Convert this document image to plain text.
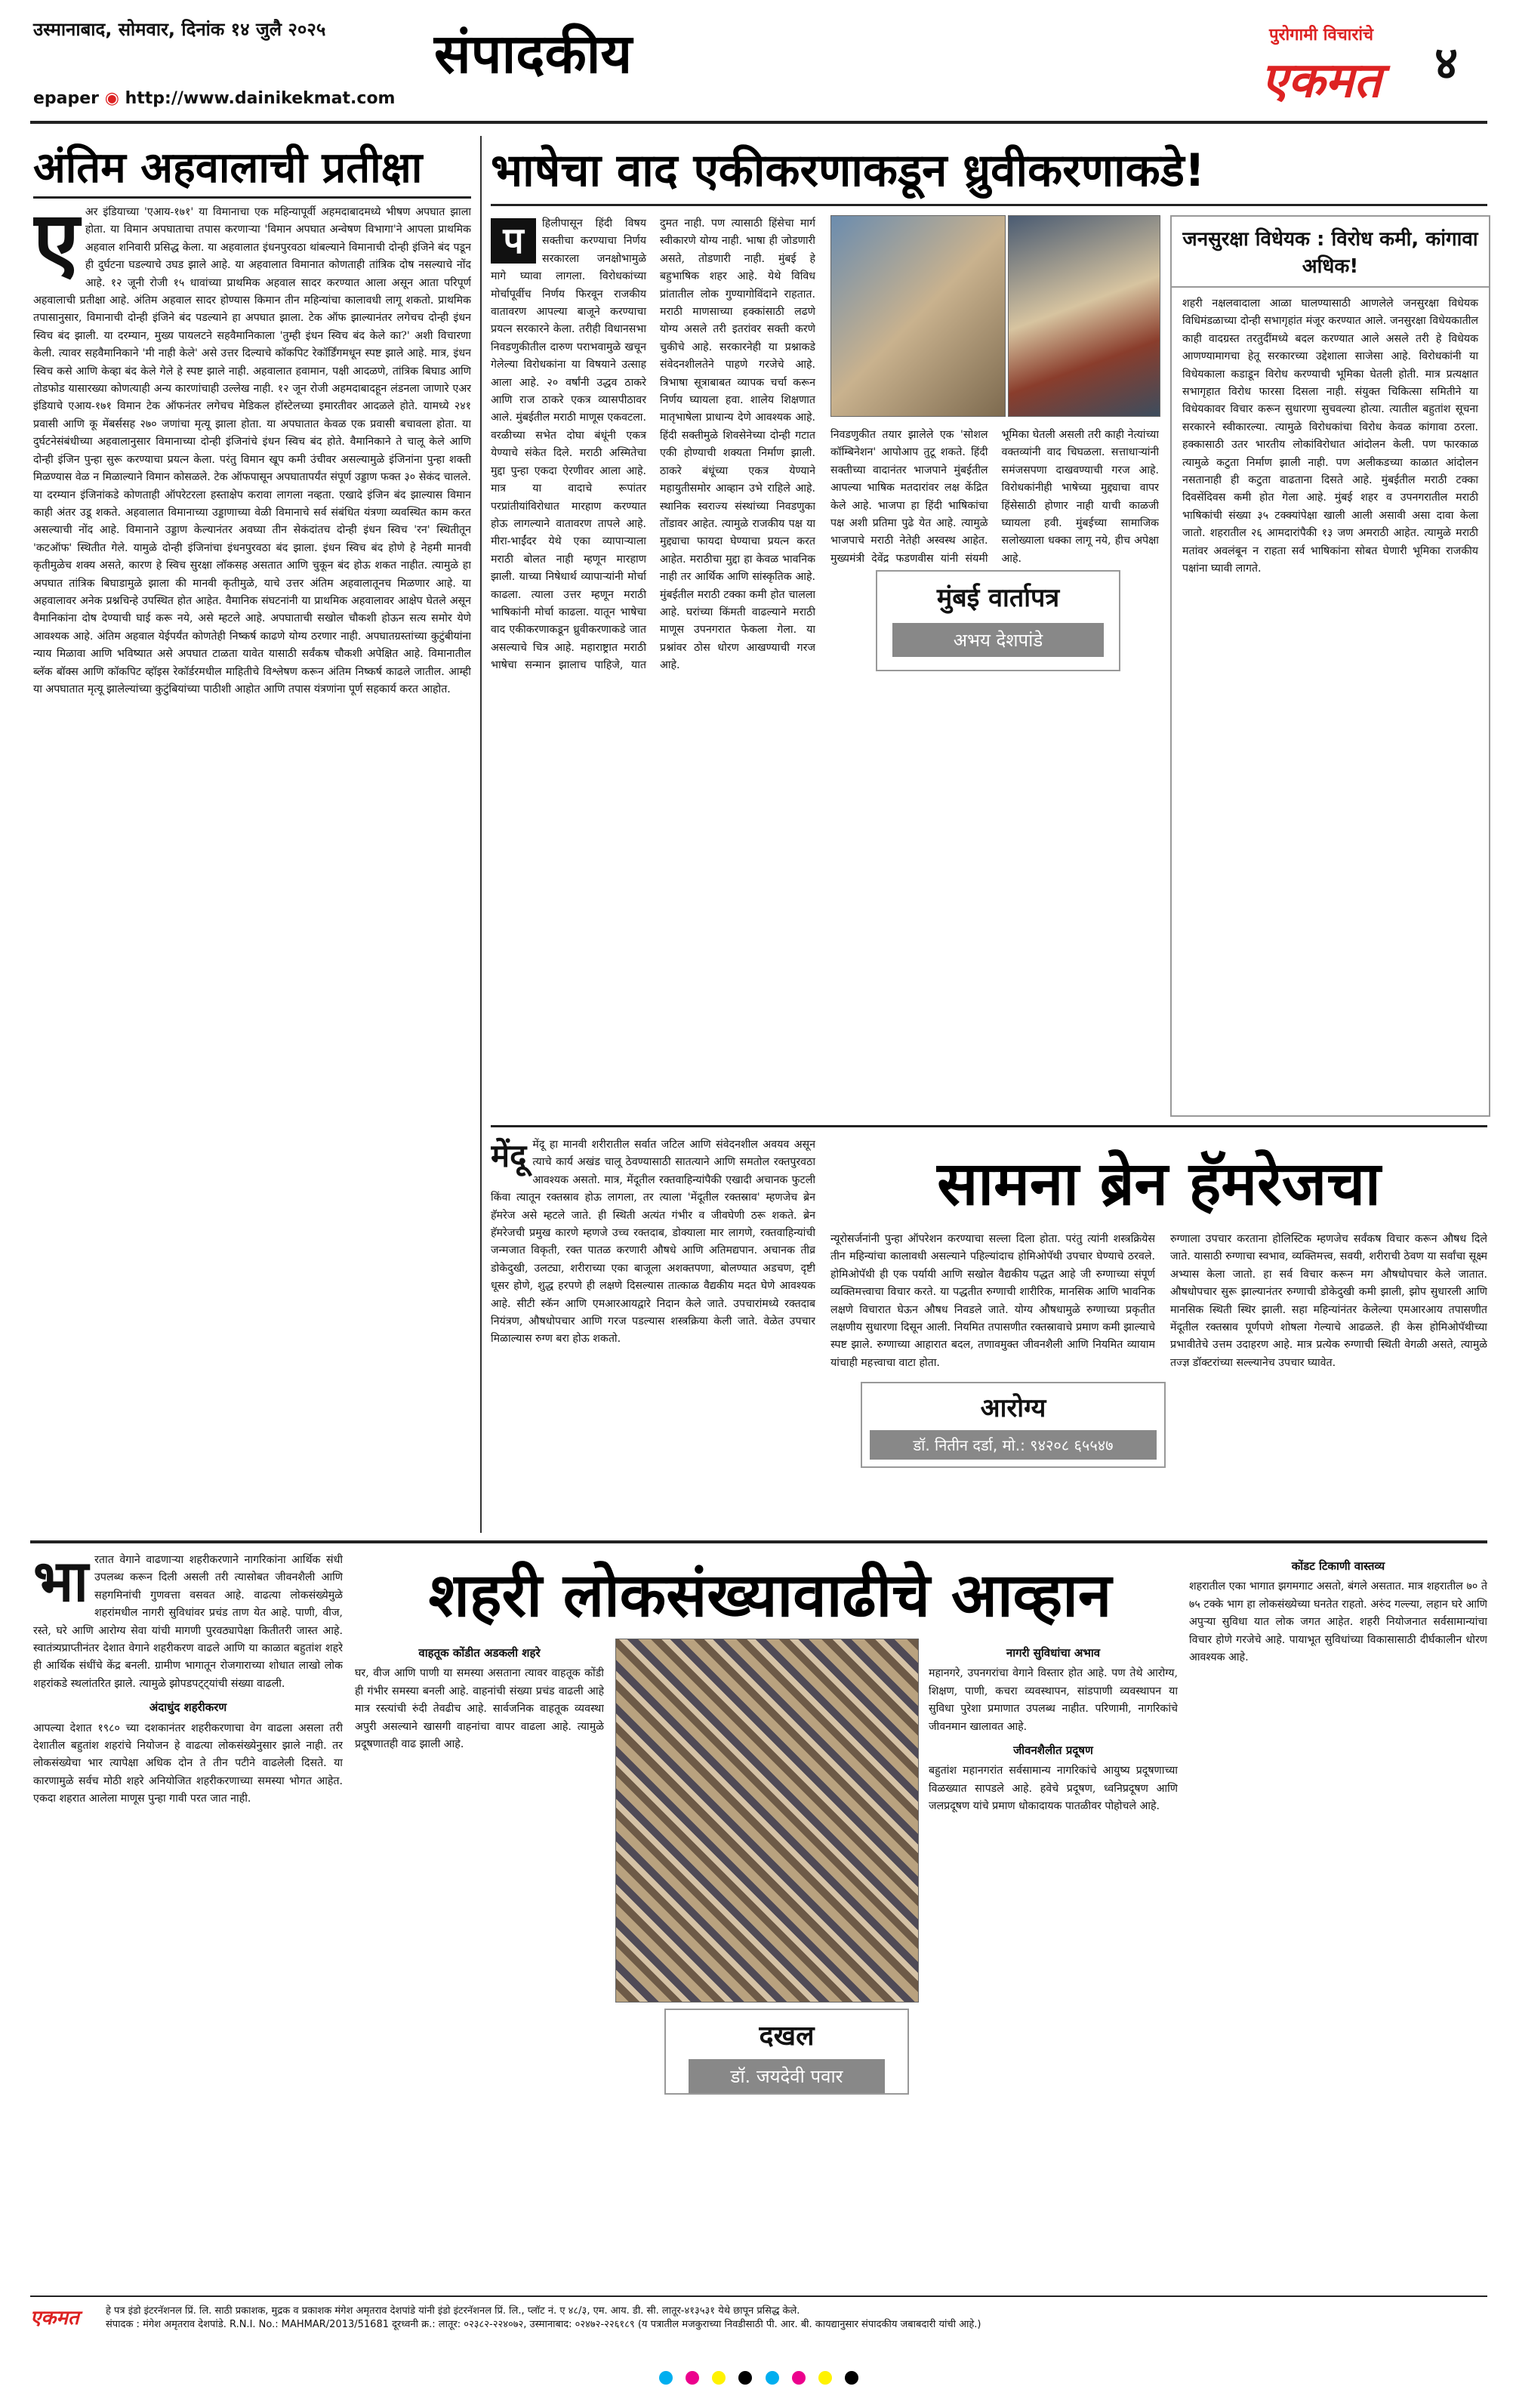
उस्मानाबाद, सोमवार, दिनांक १४ जुलै २०२५
epaper ◉ http://www.dainikekmat.com
संपादकीय	पुरोगामी विचारांचे
एकमत	४
अंतिम अहवालाची प्रतीक्षा
ए अर इंडियाच्या 'एआय-१७१' या विमानाचा एक महिन्यापूर्वी अहमदाबादमध्ये भीषण अपघात झाला होता. या विमान अपघाताचा तपास करणाऱ्या 'विमान अपघात अन्वेषण विभागा'ने आपला प्राथमिक अहवाल शनिवारी प्रसिद्ध केला. या अहवालात इंधनपुरवठा थांबल्याने विमानाची दोन्ही इंजिने बंद पडून ही दुर्घटना घडल्याचे उघड झाले आहे. या अहवालात विमानात कोणताही तांत्रिक दोष नसल्याचे नोंद आहे. १२ जूनी रोजी १५ धावांच्या प्राथमिक अहवाल सादर करण्यात आला असून आता परिपूर्ण अहवालाची प्रतीक्षा आहे. अंतिम अहवाल सादर होण्यास किमान तीन महिन्यांचा कालावधी लागू शकतो. प्राथमिक तपासानुसार, विमानाची दोन्ही इंजिने बंद पडल्याने हा अपघात झाला. टेक ऑफ झाल्यानंतर लगेचच दोन्ही इंधन स्विच बंद झाली. या दरम्यान, मुख्य पायलटने सहवैमानिकाला 'तुम्ही इंधन स्विच बंद केले का?' अशी विचारणा केली. त्यावर सहवैमानिकाने 'मी नाही केले' असे उत्तर दिल्याचे कॉकपिट रेकॉर्डिंगमधून स्पष्ट झाले आहे. मात्र, इंधन स्विच कसे आणि केव्हा बंद केले गेले हे स्पष्ट झाले नाही. अहवालात हवामान, पक्षी आदळणे, तांत्रिक बिघाड आणि तोडफोड यासारख्या कोणत्याही अन्य कारणांचाही उल्लेख नाही. १२ जून रोजी अहमदाबादहून लंडनला जाणारे एअर इंडियाचे एआय-१७१ विमान टेक ऑफनंतर लगेचच मेडिकल हॉस्टेलच्या इमारतीवर आदळले होते. यामध्ये २४१ प्रवासी आणि कू मेंबर्ससह २७० जणांचा मृत्यू झाला होता. या अपघातात केवळ एक प्रवासी बचावला होता. या दुर्घटनेसंबंधीच्या अहवालानुसार विमानाच्या दोन्ही इंजिनांचे इंधन स्विच बंद होते. वैमानिकाने ते चालू केले आणि दोन्ही इंजिन पुन्हा सुरू करण्याचा प्रयत्न केला. परंतु विमान खूप कमी उंचीवर असल्यामुळे इंजिनांना पुन्हा शक्ती मिळण्यास वेळ न मिळाल्याने विमान कोसळले. टेक ऑफपासून अपघातापर्यंत संपूर्ण उड्डाण फक्त ३० सेकंद चालले. या दरम्यान इंजिनांकडे कोणताही ऑपरेटरला हस्ताक्षेप करावा लागला नव्हता. एखादे इंजिन बंद झाल्यास विमान काही अंतर उडू शकते. अहवालात विमानाच्या उड्डाणाच्या वेळी विमानाचे सर्व संबंधित यंत्रणा व्यवस्थित काम करत असल्याची नोंद आहे. विमानाने उड्डाण केल्यानंतर अवघ्या तीन सेकंदांतच दोन्ही इंधन स्विच 'रन' स्थितीतून 'कटऑफ' स्थितीत गेले. यामुळे दोन्ही इंजिनांचा इंधनपुरवठा बंद झाला. इंधन स्विच बंद होणे हे नेहमी मानवी कृतीमुळेच शक्य असते, कारण हे स्विच सुरक्षा लॉकसह असतात आणि चुकून बंद होऊ शकत नाहीत. त्यामुळे हा अपघात तांत्रिक बिघाडामुळे झाला की मानवी कृतीमुळे, याचे उत्तर अंतिम अहवालातूनच मिळणार आहे. या अहवालावर अनेक प्रश्नचिन्हे उपस्थित होत आहेत. वैमानिक संघटनांनी या प्राथमिक अहवालावर आक्षेप घेतले असून वैमानिकांना दोष देण्याची घाई करू नये, असे म्हटले आहे. अपघाताची सखोल चौकशी होऊन सत्य समोर येणे आवश्यक आहे. अंतिम अहवाल येईपर्यंत कोणतेही निष्कर्ष काढणे योग्य ठरणार नाही. अपघातग्रस्तांच्या कुटुंबीयांना न्याय मिळावा आणि भविष्यात असे अपघात टाळता यावेत यासाठी सर्वंकष चौकशी अपेक्षित आहे. विमानातील ब्लॅक बॉक्स आणि कॉकपिट व्हॉइस रेकॉर्डरमधील माहितीचे विश्लेषण करून अंतिम निष्कर्ष काढले जातील. आम्ही या अपघातात मृत्यू झालेल्यांच्या कुटुंबियांच्या पाठीशी आहोत आणि तपास यंत्रणांना पूर्ण सहकार्य करत आहोत.

भाषेचा वाद एकीकरणाकडून ध्रुवीकरणाकडे!
प	हिलीपासून हिंदी विषय सक्तीचा करण्याचा निर्णय सरकारला जनक्षोभामुळे मागे घ्यावा लागला. विरोधकांच्या मोर्चापूर्वीच निर्णय फिरवून राजकीय वातावरण आपल्या बाजूने करण्याचा प्रयत्न सरकारने केला. तरीही विधानसभा निवडणुकीतील दारुण पराभवामुळे खचून गेलेल्या विरोधकांना या विषयाने उत्साह आला आहे. २० वर्षांनी उद्धव ठाकरे आणि राज ठाकरे एकत्र व्यासपीठावर आले. मुंबईतील मराठी माणूस एकवटला. वरळीच्या सभेत दोघा बंधूंनी एकत्र येण्याचे संकेत दिले. मराठी अस्मितेचा मुद्दा पुन्हा एकदा ऐरणीवर आला आहे. मात्र या वादाचे रूपांतर परप्रांतीयांविरोधात मारहाण करण्यात होऊ लागल्याने वातावरण तापले आहे. मीरा-भाईंदर येथे एका व्यापाऱ्याला मराठी बोलत नाही म्हणून मारहाण झाली. याच्या निषेधार्थ व्यापाऱ्यांनी मोर्चा काढला. त्याला उत्तर म्हणून मराठी भाषिकांनी मोर्चा काढला. यातून भाषेचा वाद एकीकरणाकडून ध्रुवीकरणाकडे जात असल्याचे चित्र आहे. महाराष्ट्रात मराठी भाषेचा सन्मान झालाच पाहिजे, यात दुमत नाही. पण त्यासाठी हिंसेचा मार्ग स्वीकारणे योग्य नाही. भाषा ही जोडणारी असते, तोडणारी नाही. मुंबई हे बहुभाषिक शहर आहे. येथे विविध प्रांतातील लोक गुण्यागोविंदाने राहतात. मराठी माणसाच्या हक्कांसाठी लढणे योग्य असले तरी इतरांवर सक्ती करणे चुकीचे आहे. सरकारनेही या प्रश्नाकडे संवेदनशीलतेने पाहणे गरजेचे आहे. त्रिभाषा सूत्राबाबत व्यापक चर्चा करून निर्णय घ्यायला हवा. शालेय शिक्षणात मातृभाषेला प्राधान्य देणे आवश्यक आहे. हिंदी सक्तीमुळे शिवसेनेच्या दोन्ही गटात एकी होण्याची शक्यता निर्माण झाली. ठाकरे बंधूंच्या एकत्र येण्याने महायुतीसमोर आव्हान उभे राहिले आहे. स्थानिक स्वराज्य संस्थांच्या निवडणुका तोंडावर आहेत. त्यामुळे राजकीय पक्ष या मुद्द्याचा फायदा घेण्याचा प्रयत्न करत आहेत. मराठीचा मुद्दा हा केवळ भावनिक नाही तर आर्थिक आणि सांस्कृतिक आहे. मुंबईतील मराठी टक्का कमी होत चालला आहे. घरांच्या किंमती वाढल्याने मराठी माणूस उपनगरात फेकला गेला. या प्रश्नांवर ठोस धोरण आखण्याची गरज आहे.

निवडणुकीत तयार झालेले एक 'सोशल कॉम्बिनेशन' आपोआप तुटू शकते. हिंदी सक्तीच्या वादानंतर भाजपाने मुंबईतील आपल्या भाषिक मतदारांवर लक्ष केंद्रित केले आहे. भाजपा हा हिंदी भाषिकांचा पक्ष अशी प्रतिमा पुढे येत आहे. त्यामुळे भाजपाचे मराठी नेतेही अस्वस्थ आहेत. मुख्यमंत्री देवेंद्र फडणवीस यांनी संयमी भूमिका घेतली असली तरी काही नेत्यांच्या वक्तव्यांनी वाद चिघळला. सत्ताधाऱ्यांनी समंजसपणा दाखवण्याची गरज आहे. विरोधकांनीही भाषेच्या मुद्द्याचा वापर हिंसेसाठी होणार नाही याची काळजी घ्यायला हवी. मुंबईच्या सामाजिक सलोख्याला धक्का लागू नये, हीच अपेक्षा आहे.

मुंबई वार्तापत्र
अभय देशपांडे
जनसुरक्षा विधेयक : विरोध कमी, कांगावा अधिक!

शहरी नक्षलवादाला आळा घालण्यासाठी आणलेले जनसुरक्षा विधेयक विधिमंडळाच्या दोन्ही सभागृहांत मंजूर करण्यात आले. जनसुरक्षा विधेयकातील काही वादग्रस्त तरतुदींमध्ये बदल करण्यात आले असले तरी हे विधेयक आणण्यामागचा हेतू सरकारच्या उद्देशाला साजेसा आहे. विरोधकांनी या विधेयकाला कडाडून विरोध करण्याची भूमिका घेतली होती. मात्र प्रत्यक्षात सभागृहात विरोध फारसा दिसला नाही. संयुक्त चिकित्सा समितीने या विधेयकावर विचार करून सुधारणा सुचवल्या होत्या. त्यातील बहुतांश सूचना सरकारने स्वीकारल्या. त्यामुळे विरोधकांचा विरोध केवळ कांगावा ठरला. हक्कासाठी उतर भारतीय लोकांविरोधात आंदोलन केली. पण फारकाळ त्यामुळे कटुता निर्माण झाली नाही. पण अलीकडच्या काळात आंदोलन नसतानाही ही कटुता वाढताना दिसते आहे. मुंबईतील मराठी टक्का दिवसेंदिवस कमी होत गेला आहे. मुंबई शहर व उपनगरातील मराठी भाषिकांची संख्या ३५ टक्क्यांपेक्षा खाली आली असावी असा दावा केला जातो. शहरातील २६ आमदारांपैकी १३ जण अमराठी आहेत. त्यामुळे मराठी मतांवर अवलंबून न राहता सर्व भाषिकांना सोबत घेणारी भूमिका राजकीय पक्षांना घ्यावी लागते.

मेंदू मेंदू हा मानवी शरीरातील सर्वात जटिल आणि संवेदनशील अवयव असून त्याचे कार्य अखंड चालू ठेवण्यासाठी सातत्याने आणि समतोल रक्तपुरवठा आवश्यक असतो. मात्र, मेंदूतील रक्तवाहिन्यांपैकी एखादी अचानक फुटली किंवा त्यातून रक्तस्राव होऊ लागला, तर त्याला 'मेंदूतील रक्तस्राव' म्हणजेच ब्रेन हॅमरेज असे म्हटले जाते. ही स्थिती अत्यंत गंभीर व जीवघेणी ठरू शकते. ब्रेन हॅमरेजची प्रमुख कारणे म्हणजे उच्च रक्तदाब, डोक्याला मार लागणे, रक्तवाहिन्यांची जन्मजात विकृती, रक्त पातळ करणारी औषधे आणि अतिमद्यपान. अचानक तीव्र डोकेदुखी, उलट्या, शरीराच्या एका बाजूला अशक्तपणा, बोलण्यात अडचण, दृष्टी धूसर होणे, शुद्ध हरपणे ही लक्षणे दिसल्यास तात्काळ वैद्यकीय मदत घेणे आवश्यक आहे. सीटी स्कॅन आणि एमआरआयद्वारे निदान केले जाते. उपचारांमध्ये रक्तदाब नियंत्रण, औषधोपचार आणि गरज पडल्यास शस्त्रक्रिया केली जाते. वेळेत उपचार मिळाल्यास रुग्ण बरा होऊ शकतो.

सामना ब्रेन हॅमरेजचा

न्यूरोसर्जनांनी पुन्हा ऑपरेशन करण्याचा सल्ला दिला होता. परंतु त्यांनी शस्त्रक्रियेस तीन महिन्यांचा कालावधी असल्याने पहिल्यांदाच होमिओपॅथी उपचार घेण्याचे ठरवले. होमिओपॅथी ही एक पर्यायी आणि सखोल वैद्यकीय पद्धत आहे जी रुग्णाच्या संपूर्ण व्यक्तिमत्त्वाचा विचार करते. या पद्धतीत रुग्णाची शारीरिक, मानसिक आणि भावनिक लक्षणे विचारात घेऊन औषध निवडले जाते. योग्य औषधामुळे रुग्णाच्या प्रकृतीत लक्षणीय सुधारणा दिसून आली. नियमित तपासणीत रक्तस्रावाचे प्रमाण कमी झाल्याचे स्पष्ट झाले. रुग्णाच्या आहारात बदल, तणावमुक्त जीवनशैली आणि नियमित व्यायाम यांचाही महत्त्वाचा वाटा होता.

आरोग्य
डॉ. नितीन दर्डा, मो.: ९४२०८ ६५५४७

रुग्णाला उपचार करताना होलिस्टिक म्हणजेच सर्वंकष विचार करून औषध दिले जाते. यासाठी रुग्णाचा स्वभाव, व्यक्तिमत्त्व, सवयी, शरीराची ठेवण या सर्वांचा सूक्ष्म अभ्यास केला जातो. हा सर्व विचार करून मग औषधोपचार केले जातात. औषधोपचार सुरू झाल्यानंतर रुग्णाची डोकेदुखी कमी झाली, झोप सुधारली आणि मानसिक स्थिती स्थिर झाली. सहा महिन्यांनंतर केलेल्या एमआरआय तपासणीत मेंदूतील रक्तस्राव पूर्णपणे शोषला गेल्याचे आढळले. ही केस होमिओपॅथीच्या प्रभावीतेचे उत्तम उदाहरण आहे. मात्र प्रत्येक रुग्णाची स्थिती वेगळी असते, त्यामुळे तज्ज्ञ डॉक्टरांच्या सल्ल्यानेच उपचार घ्यावेत.

भा रतात वेगाने वाढणाऱ्या शहरीकरणाने नागरिकांना आर्थिक संधी उपलब्ध करून दिली असली तरी त्यासोबत जीवनशैली आणि सहगमिनांची गुणवत्ता वसवत आहे. वाढत्या लोकसंख्येमुळे शहरांमधील नागरी सुविधांवर प्रचंड ताण येत आहे. पाणी, वीज, रस्ते, घरे आणि आरोग्य सेवा यांची मागणी पुरवठ्यापेक्षा कितीतरी जास्त आहे. स्वातंत्र्यप्राप्तीनंतर देशात वेगाने शहरीकरण वाढले आणि या काळात बहुतांश शहरे ही आर्थिक संधींचे केंद्र बनली. ग्रामीण भागातून रोजगाराच्या शोधात लाखो लोक शहरांकडे स्थलांतरित झाले. त्यामुळे झोपडपट्ट्यांची संख्या वाढली.

अंदाधुंद शहरीकरण

आपल्या देशात १९८० च्या दशकानंतर शहरीकरणाचा वेग वाढला असला तरी देशातील बहुतांश शहरांचे नियोजन हे वाढत्या लोकसंख्येनुसार झाले नाही. तर लोकसंख्येचा भार त्यापेक्षा अधिक दोन ते तीन पटीने वाढलेली दिसते. या कारणामुळे सर्वच मोठी शहरे अनियोजित शहरीकरणाच्या समस्या भोगत आहेत. एकदा शहरात आलेला माणूस पुन्हा गावी परत जात नाही.

शहरी लोकसंख्यावाढीचे आव्हान
वाहतूक कोंडीत अडकली शहरे

घर, वीज आणि पाणी या समस्या असताना त्यावर वाहतूक कोंडी ही गंभीर समस्या बनली आहे. वाहनांची संख्या प्रचंड वाढली आहे मात्र रस्त्यांची रुंदी तेवढीच आहे. सार्वजनिक वाहतूक व्यवस्था अपुरी असल्याने खासगी वाहनांचा वापर वाढला आहे. त्यामुळे प्रदूषणातही वाढ झाली आहे.

दखल
डॉ. जयदेवी पवार
नागरी सुविधांचा अभाव

महानगरे, उपनगरांचा वेगाने विस्तार होत आहे. पण तेथे आरोग्य, शिक्षण, पाणी, कचरा व्यवस्थापन, सांडपाणी व्यवस्थापन या सुविधा पुरेशा प्रमाणात उपलब्ध नाहीत. परिणामी, नागरिकांचे जीवनमान खालावत आहे.

जीवनशैलीत प्रदूषण

बहुतांश महानगरांत सर्वसामान्य नागरिकांचे आयुष्य प्रदूषणाच्या विळख्यात सापडले आहे. हवेचे प्रदूषण, ध्वनिप्रदूषण आणि जलप्रदूषण यांचे प्रमाण धोकादायक पातळीवर पोहोचले आहे.

कोंडट टिकाणी वास्तव्य

शहरातील एका भागात झगमगाट असतो, बंगले असतात. मात्र शहरातील ७० ते ७५ टक्के भाग हा लोकसंख्येच्या घनतेत राहतो. अरुंद गल्ल्या, लहान घरे आणि अपुऱ्या सुविधा यात लोक जगत आहेत. शहरी नियोजनात सर्वसामान्यांचा विचार होणे गरजेचे आहे. पायाभूत सुविधांच्या विकासासाठी दीर्घकालीन धोरण आवश्यक आहे.

एकमत	हे पत्र इंडो इंटरनॅशनल प्रिं. लि. साठी प्रकाशक, मुद्रक व प्रकाशक मंगेश अमृतराव देशपांडे यांनी इंडो इंटरनॅशनल प्रिं. लि., प्लॉट नं. ए ४८/३, एम. आय. डी. सी. लातूर-४१३५३१ येथे छापून प्रसिद्ध केले.
संपादक : मंगेश अमृतराव देशपांडे. R.N.I. No.: MAHMAR/2013/51681 दूरध्वनी क्र.: लातूर: ०२३८२-२२४०७२, उस्मानाबाद: ०२४७२-२२६१८९ (य पत्रातील मजकुराच्या निवडीसाठी पी. आर. बी. कायद्यानुसार संपादकीय जबाबदारी यांची आहे.)
